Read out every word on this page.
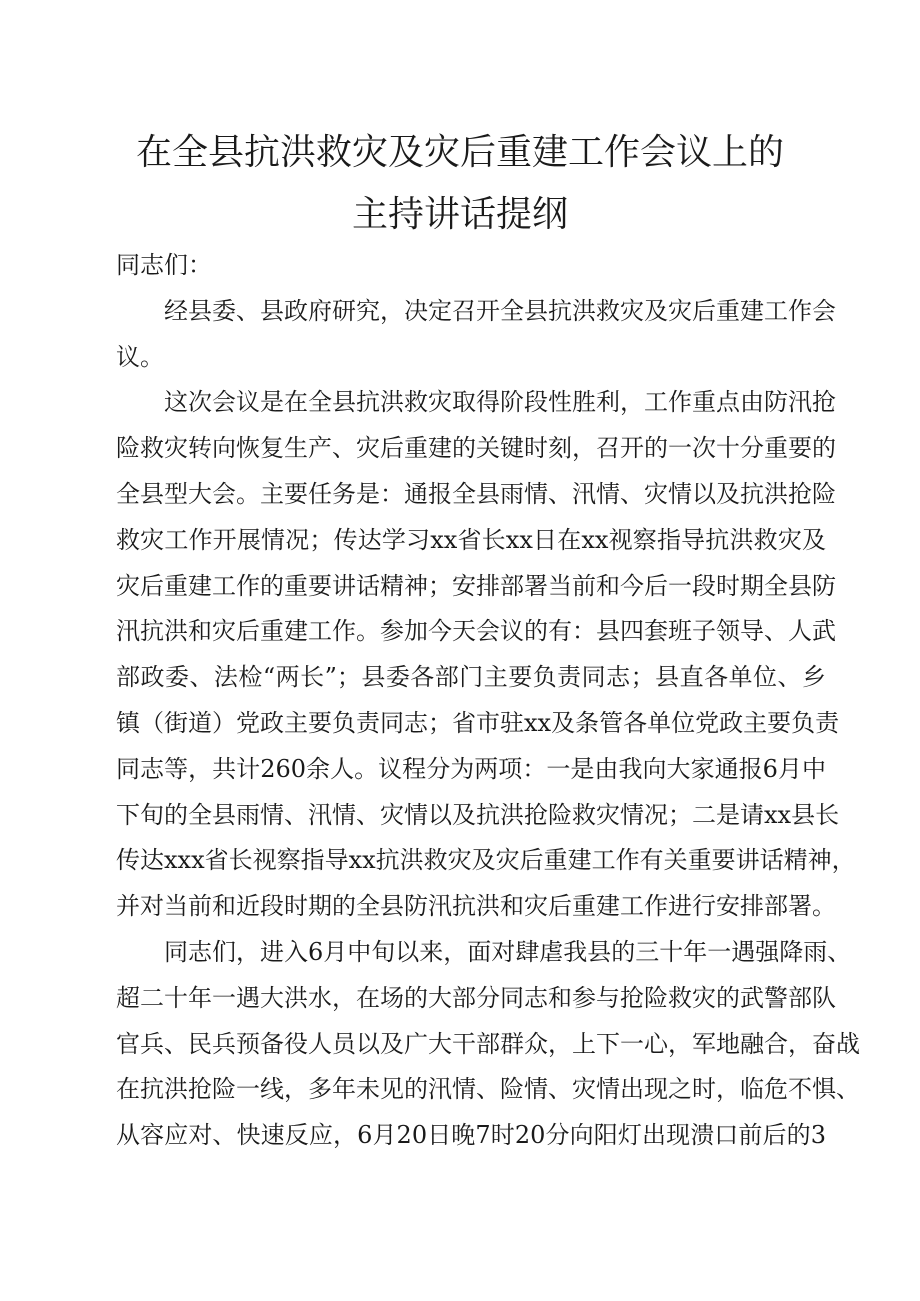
在全县抗洪救灾及灾后重建工作会议上的
主持讲话提纲

同志们：

经县委、县政府研究，决定召开全县抗洪救灾及灾后重建工作会
议。

这次会议是在全县抗洪救灾取得阶段性胜利，工作重点由防汛抢
险救灾转向恢复生产、灾后重建的关键时刻，召开的一次十分重要的
全县型大会。主要任务是：通报全县雨情、汛情、灾情以及抗洪抢险
救灾工作开展情况；传达学习xx省长xx日在xx视察指导抗洪救灾及
灾后重建工作的重要讲话精神；安排部署当前和今后一段时期全县防
汛抗洪和灾后重建工作。参加今天会议的有：县四套班子领导、人武
部政委、法检“两长”；县委各部门主要负责同志；县直各单位、乡
镇（街道）党政主要负责同志；省市驻xx及条管各单位党政主要负责
同志等，共计260余人。议程分为两项：一是由我向大家通报6月中
下旬的全县雨情、汛情、灾情以及抗洪抢险救灾情况；二是请xx县长
传达xxx省长视察指导xx抗洪救灾及灾后重建工作有关重要讲话精神，
并对当前和近段时期的全县防汛抗洪和灾后重建工作进行安排部署。

同志们，进入6月中旬以来，面对肆虐我县的三十年一遇强降雨、
超二十年一遇大洪水，在场的大部分同志和参与抢险救灾的武警部队
官兵、民兵预备役人员以及广大干部群众，上下一心，军地融合，奋战
在抗洪抢险一线，多年未见的汛情、险情、灾情出现之时，临危不惧、
从容应对、快速反应，6月20日晚7时20分向阳灯出现溃口前后的3
